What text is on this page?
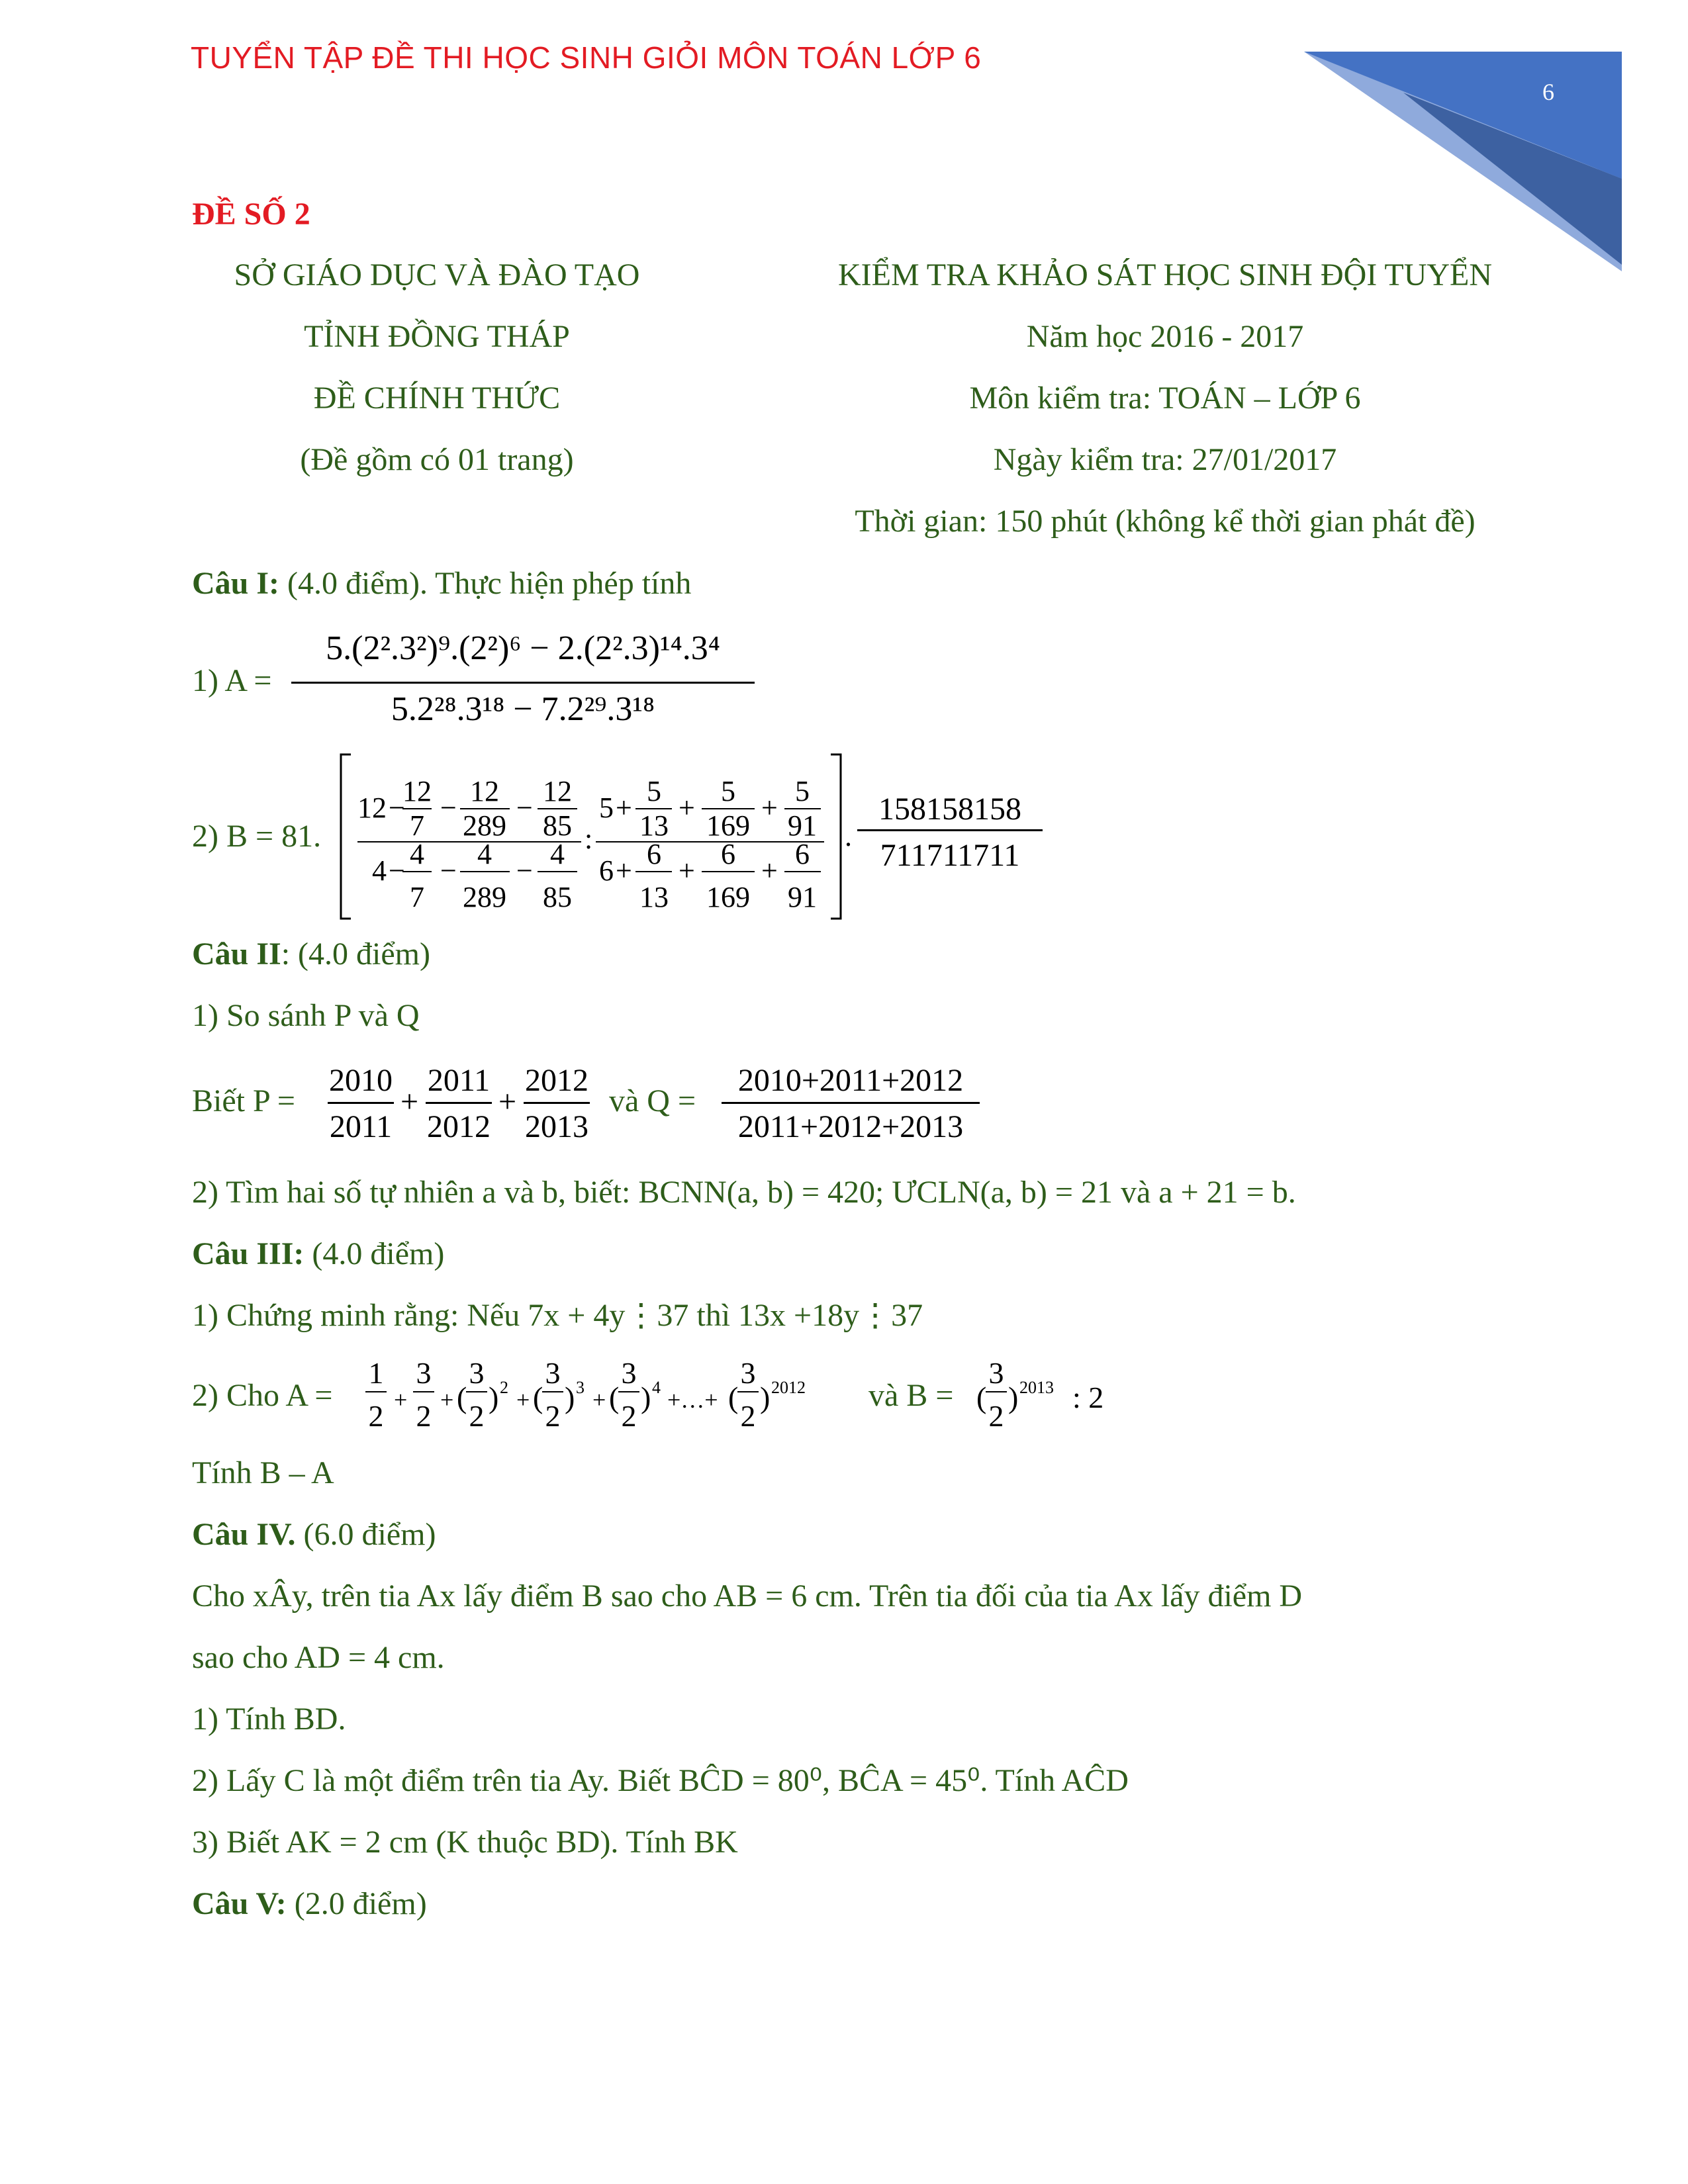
TUYỂN TẬP ĐỀ THI HỌC SINH GIỎI MÔN TOÁN LỚP 6
6
ĐỀ SỐ 2
SỞ GIÁO DỤC VÀ ĐÀO TẠO
TỈNH ĐỒNG THÁP
ĐỀ CHÍNH THỨC
(Đề gồm có 01 trang)
KIỂM TRA KHẢO SÁT HỌC SINH ĐỘI TUYỂN
Năm học 2016 - 2017
Môn kiểm tra: TOÁN – LỚP 6
Ngày kiểm tra: 27/01/2017
Thời gian: 150 phút (không kể thời gian phát đề)
Câu I: (4.0 điểm). Thực hiện phép tính
1) A =
5.(2².3²)⁹.(2²)⁶ − 2.(2².3)¹⁴.3⁴
5.2²⁸.3¹⁸ − 7.2²⁹.3¹⁸
2) B = 81.
12 −
12
7
−
12
289
−
12
85
4 −
4
7
−
4
289
−
4
85
:
5 +
5
13
+
5
169
+
5
91
6 +
6
13
+
6
169
+
6
91
.
158158158
711711711
Câu II: (4.0 điểm)
1) So sánh P và Q
Biết P =
2010
2011
+
2011
2012
+
2012
2013
và Q =
2010+2011+2012
2011+2012+2013
2) Tìm hai số tự nhiên a và b, biết: BCNN(a, b) = 420; ƯCLN(a, b) = 21 và a + 21 = b.
Câu III: (4.0 điểm)
1) Chứng minh rằng: Nếu 7x + 4y⋮37 thì 13x +18y⋮37
2) Cho A =
1
2 +
3
2 + (
3
2
) 2 + (
3
2
) 3 + (
3
2
) 4 +…+ (
3
2
) 2012 và B = (
3
2
) 2013 : 2
Tính B – A
Câu IV. (6.0 điểm)
Cho xÂy, trên tia Ax lấy điểm B sao cho AB = 6 cm. Trên tia đối của tia Ax lấy điểm D
sao cho AD = 4 cm.
1) Tính BD.
2) Lấy C là một điểm trên tia Ay. Biết BĈD = 80⁰, BĈA = 45⁰. Tính AĈD
3) Biết AK = 2 cm (K thuộc BD). Tính BK
Câu V: (2.0 điểm)
